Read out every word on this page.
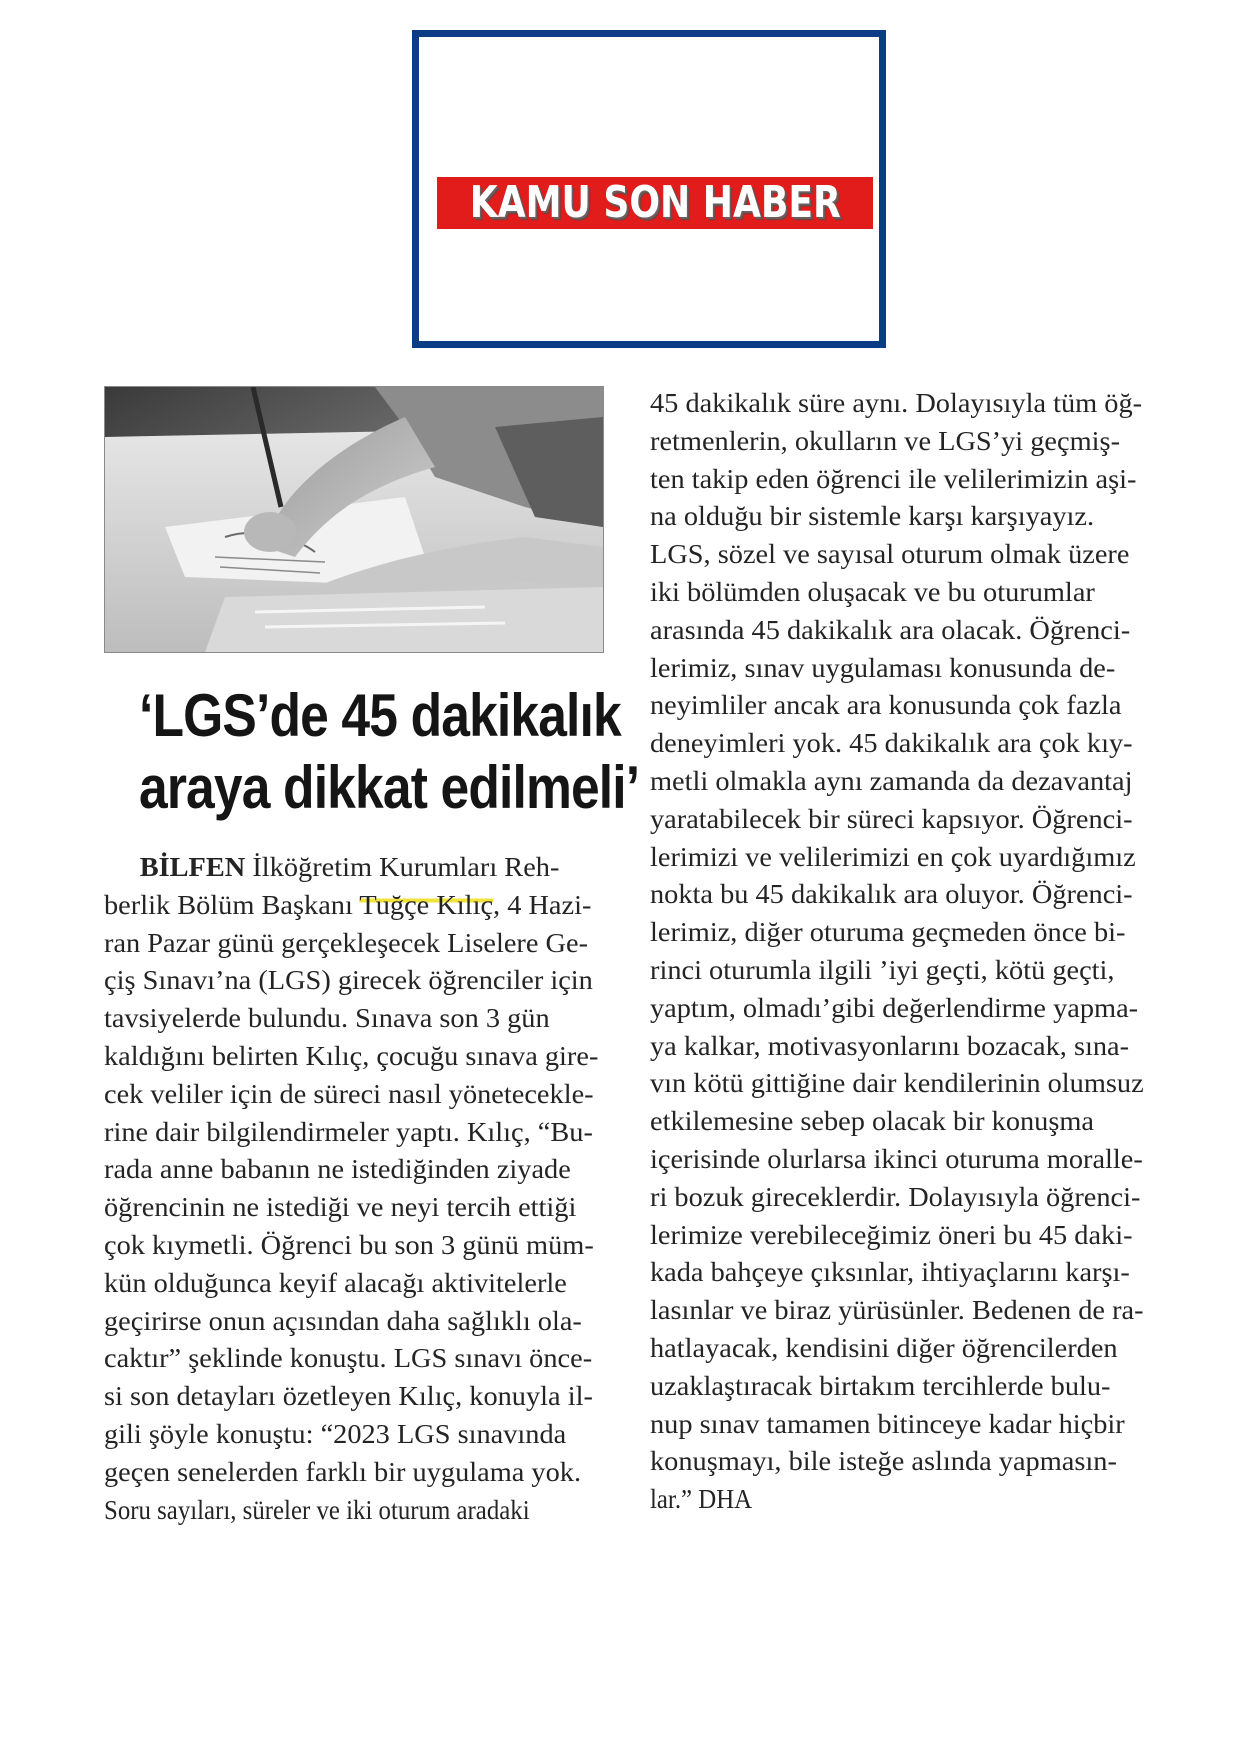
KAMU SON HABER
‘LGS’de 45 dakikalık
araya dikkat edilmeli’
BİLFEN İlköğretim Kurumları Reh-
berlik Bölüm Başkanı Tuğçe Kılıç, 4 Hazi-
ran Pazar günü gerçekleşecek Liselere Ge-
çiş Sınavı’na (LGS) girecek öğrenciler için
tavsiyelerde bulundu. Sınava son 3 gün
kaldığını belirten Kılıç, çocuğu sınava gire-
cek veliler için de süreci nasıl yönetecekle-
rine dair bilgilendirmeler yaptı. Kılıç, “Bu-
rada anne babanın ne istediğinden ziyade
öğrencinin ne istediği ve neyi tercih ettiği
çok kıymetli. Öğrenci bu son 3 günü müm-
kün olduğunca keyif alacağı aktivitelerle
geçirirse onun açısından daha sağlıklı ola-
caktır” şeklinde konuştu. LGS sınavı önce-
si son detayları özetleyen Kılıç, konuyla il-
gili şöyle konuştu: “2023 LGS sınavında
geçen senelerden farklı bir uygulama yok.
Soru sayıları, süreler ve iki oturum aradaki
45 dakikalık süre aynı. Dolayısıyla tüm öğ-
retmenlerin, okulların ve LGS’yi geçmiş-
ten takip eden öğrenci ile velilerimizin aşi-
na olduğu bir sistemle karşı karşıyayız.
LGS, sözel ve sayısal oturum olmak üzere
iki bölümden oluşacak ve bu oturumlar
arasında 45 dakikalık ara olacak. Öğrenci-
lerimiz, sınav uygulaması konusunda de-
neyimliler ancak ara konusunda çok fazla
deneyimleri yok. 45 dakikalık ara çok kıy-
metli olmakla aynı zamanda da dezavantaj
yaratabilecek bir süreci kapsıyor. Öğrenci-
lerimizi ve velilerimizi en çok uyardığımız
nokta bu 45 dakikalık ara oluyor. Öğrenci-
lerimiz, diğer oturuma geçmeden önce bi-
rinci oturumla ilgili ’iyi geçti, kötü geçti,
yaptım, olmadı’gibi değerlendirme yapma-
ya kalkar, motivasyonlarını bozacak, sına-
vın kötü gittiğine dair kendilerinin olumsuz
etkilemesine sebep olacak bir konuşma
içerisinde olurlarsa ikinci oturuma moralle-
ri bozuk gireceklerdir. Dolayısıyla öğrenci-
lerimize verebileceğimiz öneri bu 45 daki-
kada bahçeye çıksınlar, ihtiyaçlarını karşı-
lasınlar ve biraz yürüsünler. Bedenen de ra-
hatlayacak, kendisini diğer öğrencilerden
uzaklaştıracak birtakım tercihlerde bulu-
nup sınav tamamen bitinceye kadar hiçbir
konuşmayı, bile isteğe aslında yapmasın-
lar.” DHA
